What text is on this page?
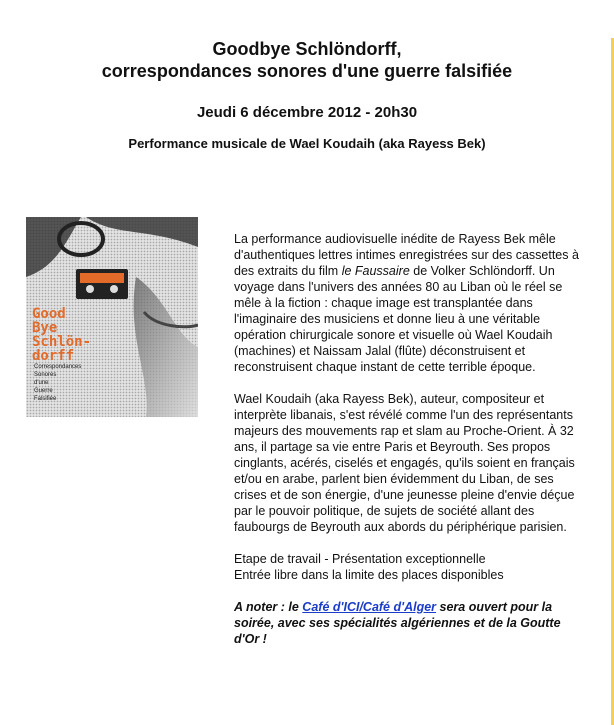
Goodbye Schlöndorff,
correspondances sonores d'une guerre falsifiée
Jeudi 6 décembre 2012 - 20h30
Performance musicale de Wael Koudaih (aka Rayess Bek)
Good
Bye
Schlön-
dorff
Correspondances
Sonores
d'une
Guerre
Falsifiée

La performance audiovisuelle inédite de Rayess Bek mêle d'authentiques lettres intimes enregistrées sur des cassettes à des extraits du film le Faussaire de Volker Schlöndorff. Un voyage dans l'univers des années 80 au Liban où le réel se mêle à la fiction : chaque image est transplantée dans l'imaginaire des musiciens et donne lieu à une véritable opération chirurgicale sonore et visuelle où Wael Koudaih (machines) et Naissam Jalal (flûte) déconstruisent et reconstruisent chaque instant de cette terrible époque.

Wael Koudaih (aka Rayess Bek), auteur, compositeur et interprète libanais, s'est révélé comme l'un des représentants majeurs des mouvements rap et slam au Proche-Orient. À 32 ans, il partage sa vie entre Paris et Beyrouth. Ses propos cinglants, acérés, ciselés et engagés, qu'ils soient en français et/ou en arabe, parlent bien évidemment du Liban, de ses crises et de son énergie, d'une jeunesse pleine d'envie déçue par le pouvoir politique, de sujets de société allant des faubourgs de Beyrouth aux abords du périphérique parisien.

Etape de travail - Présentation exceptionnelle
Entrée libre dans la limite des places disponibles

A noter : le Café d'ICI/Café d'Alger sera ouvert pour la soirée, avec ses spécialités algériennes et de la Goutte d'Or !
